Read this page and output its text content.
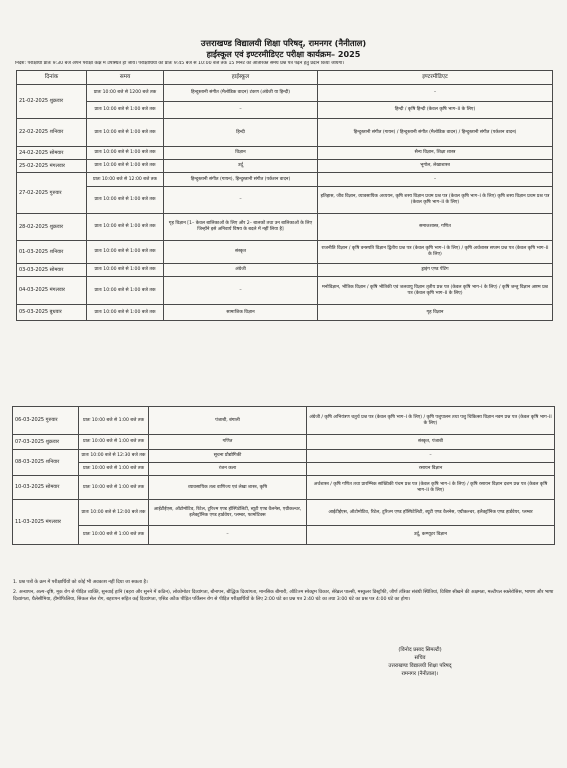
उत्तराखण्ड विद्यालयी शिक्षा परिषद्, रामनगर (नैनीताल)
हाईस्कूल एवं इण्टरमीडिएट परीक्षा कार्यक्रम– 2025
निर्देश: परीक्षार्थी प्रातः 9:30 बजे अपने परीक्षा कक्ष में उपस्थित हो जायें। परीक्षार्थियों को प्रातः 9:45 बजे से 10:00 बजे तक 15 मिनट का अतिरिक्त समय प्रश्न पत्र पढ़ने हेतु प्रदान किया जायेगा।
दिनांक	समय	हाईस्कूल	इण्टरमीडिएट
21-02-2025 शुक्रवार	प्रातः 10:00 बजे से 1200 बजे तक	हिन्दुस्तानी संगीत (मैलोडिक वादन) टंकण (अंग्रेजी या हिन्दी)	–
	प्रातः 10:00 बजे से 1:00 बजे तक	–	हिन्दी / कृषि हिन्दी (केवल कृषि भाग–II के लिए)
22-02-2025 शनिवार	प्रातः 10:00 बजे से 1:00 बजे तक	हिन्दी	हिन्दुस्तानी संगीत (गायन) / हिन्दुस्तानी संगीत (मैलोडिक वादन) / हिन्दुस्तानी संगीत (पर्कशन वादन)
24-02-2025 सोमवार	प्रातः 10:00 बजे से 1:00 बजे तक	विज्ञान	सैन्य विज्ञान, शिक्षा शास्त्र
25-02-2025 मंगलवार	प्रातः 10:00 बजे से 1:00 बजे तक	उर्दू	भूगोल, लेखाशास्त्र
27-02-2025 गुरुवार	प्रातः 10:00 बजे से 12:00 बजे तक	हिन्दुस्तानी संगीत (गायन), हिन्दुस्तानी संगीत (पर्कशन वादन)	–
	प्रातः 10:00 बजे से 1:00 बजे तक	–	इतिहास, जीव विज्ञान, व्यावसायिक अध्ययन, कृषि शस्य विज्ञान प्रथम प्रश्न पत्र (केवल कृषि भाग–I के लिए) कृषि शस्य विज्ञान प्रथम प्रश्न पत्र (केवल कृषि भाग–II के लिए)
28-02-2025 शुक्रवार	प्रातः 10:00 बजे से 1:00 बजे तक	गृह विज्ञान [1– केवल बालिकाओं के लिए और 2– बालकों तथा उन बालिकाओं के लिए जिन्होंने इसे अनिवार्य विषय के बदले में नहीं लिया है]	समाजशास्त्र, गणित
01-03-2025 शनिवार	प्रातः 10:00 बजे से 1:00 बजे तक	संस्कृत	राजनीति विज्ञान / कृषि वनस्पति विज्ञान द्वितीय प्रश्न पत्र (केवल कृषि भाग–I के लिए) / कृषि अर्थशास्त्र सप्तम प्रश्न पत्र (केवल कृषि भाग–II के लिए)
03-03-2025 सोमवार	प्रातः 10:00 बजे से 1:00 बजे तक	अंग्रेजी	ड्राइंग एण्ड पेंटिंग
04-03-2025 मंगलवार	प्रातः 10:00 बजे से 1:00 बजे तक	–	मनोविज्ञान, भौतिक विज्ञान / कृषि भौतिकी एवं जलवायु विज्ञान तृतीय प्रश्न पत्र (केवल कृषि भाग–I के लिए) / कृषि जन्तु विज्ञान अष्टम प्रश्न पत्र (केवल कृषि भाग–II के लिए)
05-03-2025 बुधवार	प्रातः 10:00 बजे से 1:00 बजे तक	सामाजिक विज्ञान	गृह विज्ञान
06-03-2025 गुरुवार	प्रातः 10:00 बजे से 1:00 बजे तक	पंजाबी, बंगाली	अंग्रेजी / कृषि अभियंत्रण चतुर्थ प्रश्न पत्र (केवल कृषि भाग–I के लिए) / कृषि पशुपालन तथा पशु चिकित्सा विज्ञान नवम प्रश्न पत्र (केवल कृषि भाग–II के लिए)
07-03-2025 शुक्रवार	प्रातः 10:00 बजे से 1:00 बजे तक	गणित	संस्कृत, पंजाबी
08-03-2025 शनिवार	प्रातः 10:00 बजे से 12:30 बजे तक	सूचना प्रौद्योगिकी	–
	प्रातः 10:00 बजे से 1:00 बजे तक	रंजन कला	रसायन विज्ञान
10-03-2025 सोमवार	प्रातः 10:00 बजे से 1:00 बजे तक	व्यावसायिक तत्व वाणिज्य एवं लेखा शास्त्र, कृषि	अर्थशास्त्र / कृषि गणित तथा प्रारम्भिक सांख्यिकी पंचम प्रश्न पत्र (केवल कृषि भाग–I के लिए) / कृषि रसायन विज्ञान दशम प्रश्न पत्र (केवल कृषि भाग–II के लिए)
11-03-2025 मंगलवार	प्रातः 10:00 बजे से 12:00 बजे तक	आईटीईएस, ऑटोमोटिव, रिटेल, टूरिज्म एण्ड हॉस्पिटेलिटी, ब्यूटी एण्ड वैलनेस, एग्रीकल्चर, इलैक्ट्रॉनिक एण्ड हार्डवेयर, प्लम्बर, फार्माटिक्स	आईटीईएस, ऑटोमोटिव, रिटेल, टूरिज्म एण्ड हॉस्पिटेलिटी, ब्यूटी एण्ड वैलनेस, एग्रीकल्चर, इलैक्ट्रॉनिक एण्ड हार्डवेयर, प्लम्बर
	प्रातः 10:00 बजे से 1:00 बजे तक	–	उर्दू, कम्प्यूटर विज्ञान
1. प्रश्न पत्रों के क्रम में परीक्षार्थियों को कोई भी अवकाश नहीं दिया जा सकता है।
2. अन्धापन, अल्प–दृष्टि, मूक रोग से पीड़ित व्यक्ति, सुनवाई हानि (बहरा और सुनने में कठिन), लोकोमोटर दिव्यांगता, बौनापन, बौद्धिक दिव्यांगता, मानसिक बीमारी, ऑटिज्म स्पेक्ट्रम विकार, सेरेब्रल पाल्सी, मस्कुलर डिस्ट्रॉफी, जीर्ण तंत्रिका संबंधी स्थितियां, विशिष्ट सीखने की अक्षमता, मल्टीपल स्क्लेरोसिस, भाषण और भाषा दिव्यांगता, थैलेसीमिया, हीमोफिलिया, सिकल सेल रोग, बहरापन सहित कई दिव्यांगता, एसिड अटैक पीड़ित पर्किंसन रोग से पीड़ित परीक्षार्थियों के लिए 2:00 घंटे का प्रश्न पत्र 2:40 घंटे का तथा 3:00 घंटे का प्रश्न पत्र 4:00 घंटे का होगा।
(विनोद प्रसाद सिमल्टी)
सचिव
उत्तराखण्ड विद्यालयी शिक्षा परिषद्
रामनगर (नैनीताल)।
